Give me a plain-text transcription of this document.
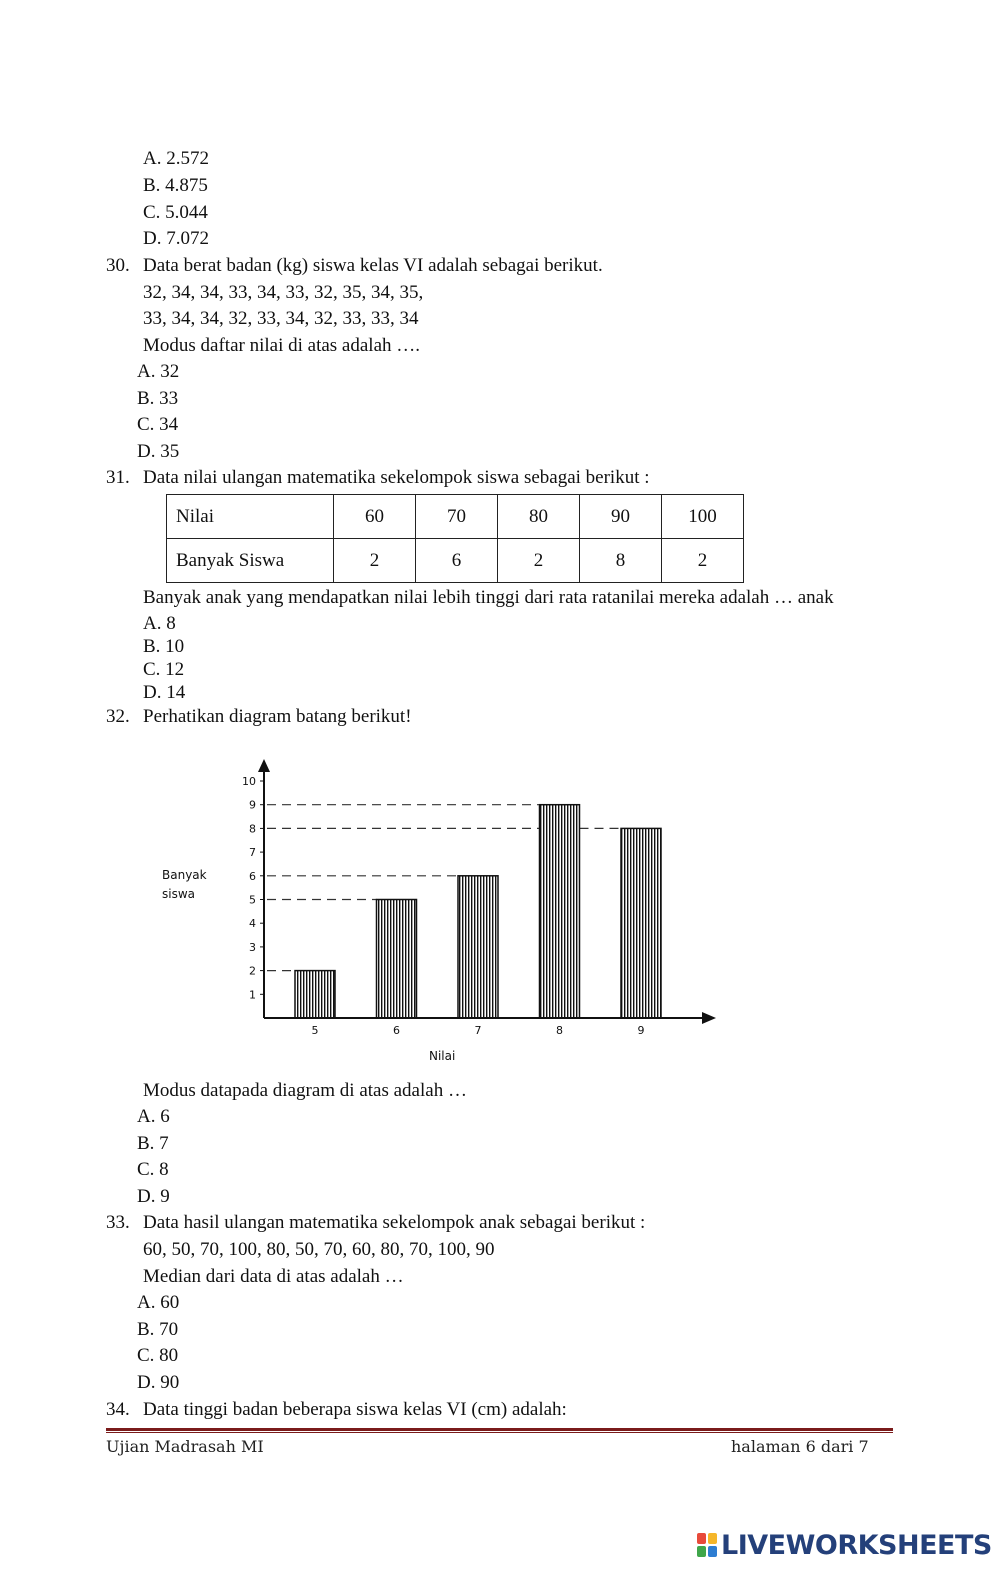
A. 2.572
B. 4.875
C. 5.044
D. 7.072
30. Data berat badan (kg) siswa kelas VI adalah sebagai berikut.
32, 34, 34, 33, 34, 33, 32, 35, 34, 35,
33, 34, 34, 32, 33, 34, 32, 33, 33, 34
Modus daftar nilai di atas adalah ….
A. 32
B. 33
C. 34
D. 35
31. Data nilai ulangan matematika sekelompok siswa sebagai berikut :
Nilai	60	70	80	90	100
Banyak Siswa	2	6	2	8	2
Banyak anak yang mendapatkan nilai lebih tinggi dari rata ratanilai mereka adalah … anak
A. 8
B. 10
C. 12
D. 14
32. Perhatikan diagram batang berikut!
1
2
3
4
5
6
7
8
9
10
5	6	7	8	9
Banyak
siswa
Nilai
Modus datapada diagram di atas adalah …
A. 6
B. 7
C. 8
D. 9
33. Data hasil ulangan matematika sekelompok anak sebagai berikut :
60, 50, 70, 100, 80, 50, 70, 60, 80, 70, 100, 90
Median dari data di atas adalah …
A. 60
B. 70
C. 80
D. 90
34. Data tinggi badan beberapa siswa kelas VI (cm) adalah:
Ujian Madrasah MI	halaman 6 dari 7
LIVEWORKSHEETS
